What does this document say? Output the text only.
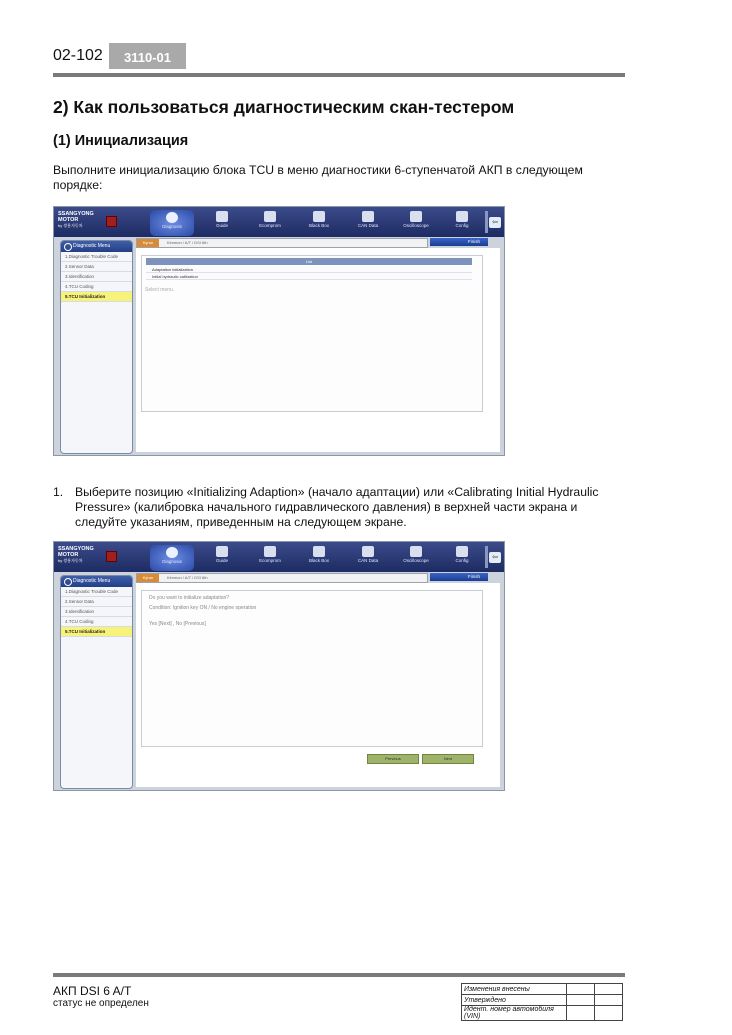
02-102	3110-01
2) Как пользоваться диагностическим скан-тестером
(1) Инициализация
Выполните инициализацию блока TCU в меню диагностики 6-ступенчатой АКП в следующем порядке:
SSANGYONG
MOTOR
by 쌍용자동차	Diagnosis	Guide	Ecomprom	Black Box	CAN Data	Oscilloscope	Config	⇦
Diagnostic Menu
1.Diagnostic Trouble Code
2.Sensor Data
3.Identification
4.TCU Coding
5.TCU Initialization
Kyron	Kimmon / A/T / DSI 6th	Finish
List
Adaptation initialization
Initial hydraulic calibration
Select menu.
1. Выберите позицию «Initializing Adaption» (начало адаптации) или «Calibrating Initial Hydraulic Pressure» (калибровка начального гидравлического давления) в верхней части экрана и следуйте указаниям, приведенным на следующем экране.
SSANGYONG
MOTOR
by 쌍용자동차	Diagnosis	Guide	Ecomprom	Black Box	CAN Data	Oscilloscope	Config	⇦
Diagnostic Menu
1.Diagnostic Trouble Code
2.Sensor Data
3.Identification
4.TCU Coding
5.TCU Initialization
Kyron	Kimmon / A/T / DSI 6th	Finish
Do you want to initialize adaptation?
Condition: Ignition key ON / No engine operation
Yes [Next] , No [Previous]
Previous	Next
АКП DSI 6 A/T
статус не определен
Изменения внесены		
Утверждено		
Идент. номер автомобиля (VIN)		
